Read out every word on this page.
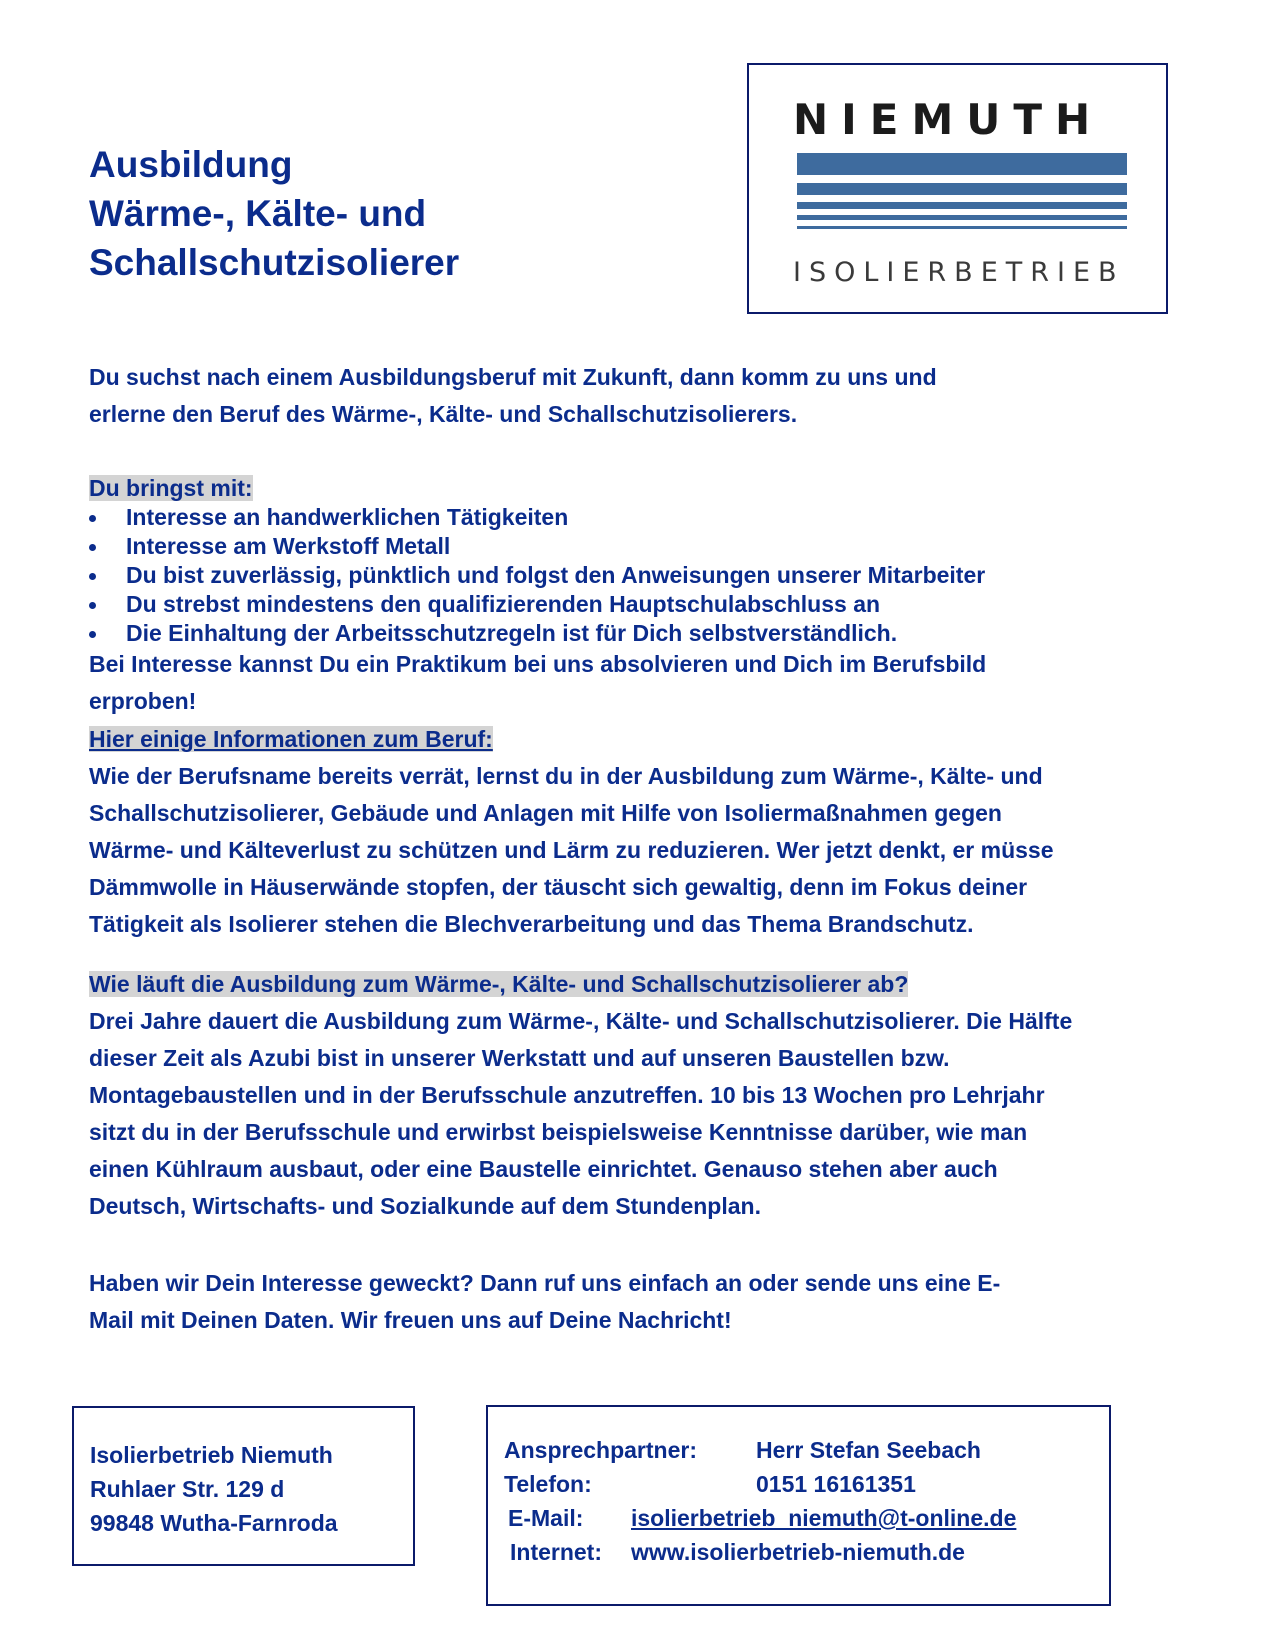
Ausbildung
Wärme-, Kälte- und
Schallschutzisolierer
NIEMUTH
ISOLIERBETRIEB

Du suchst nach einem Ausbildungsberuf mit Zukunft, dann komm zu uns und

erlerne den Beruf des Wärme-, Kälte- und Schallschutzisolierers.

Du bringst mit:

Interesse an handwerklichen Tätigkeiten
Interesse am Werkstoff Metall
Du bist zuverlässig, pünktlich und folgst den Anweisungen unserer Mitarbeiter
Du strebst mindestens den qualifizierenden Hauptschulabschluss an
Die Einhaltung der Arbeitsschutzregeln ist für Dich selbstverständlich.

Bei Interesse kannst Du ein Praktikum bei uns absolvieren und Dich im Berufsbild

erproben!

Hier einige Informationen zum Beruf:

Wie der Berufsname bereits verrät, lernst du in der Ausbildung zum Wärme-, Kälte- und

Schallschutzisolierer, Gebäude und Anlagen mit Hilfe von Isoliermaßnahmen gegen

Wärme- und Kälteverlust zu schützen und Lärm zu reduzieren. Wer jetzt denkt, er müsse

Dämmwolle in Häuserwände stopfen, der täuscht sich gewaltig, denn im Fokus deiner

Tätigkeit als Isolierer stehen die Blechverarbeitung und das Thema Brandschutz.

Wie läuft die Ausbildung zum Wärme-, Kälte- und Schallschutzisolierer ab?

Drei Jahre dauert die Ausbildung zum Wärme-, Kälte- und Schallschutzisolierer. Die Hälfte

dieser Zeit als Azubi bist in unserer Werkstatt und auf unseren Baustellen bzw.

Montagebaustellen und in der Berufsschule anzutreffen. 10 bis 13 Wochen pro Lehrjahr

sitzt du in der Berufsschule und erwirbst beispielsweise Kenntnisse darüber, wie man

einen Kühlraum ausbaut, oder eine Baustelle einrichtet. Genauso stehen aber auch

Deutsch, Wirtschafts- und Sozialkunde auf dem Stundenplan.

Haben wir Dein Interesse geweckt? Dann ruf uns einfach an oder sende uns eine E-

Mail mit Deinen Daten. Wir freuen uns auf Deine Nachricht!

Isolierbetrieb Niemuth
Ruhlaer Str. 129 d
99848 Wutha-Farnroda
Ansprechpartner:	Herr Stefan Seebach
Telefon:	0151 16161351
E-Mail: isolierbetrieb_niemuth@t-online.de
Internet: www.isolierbetrieb-niemuth.de
